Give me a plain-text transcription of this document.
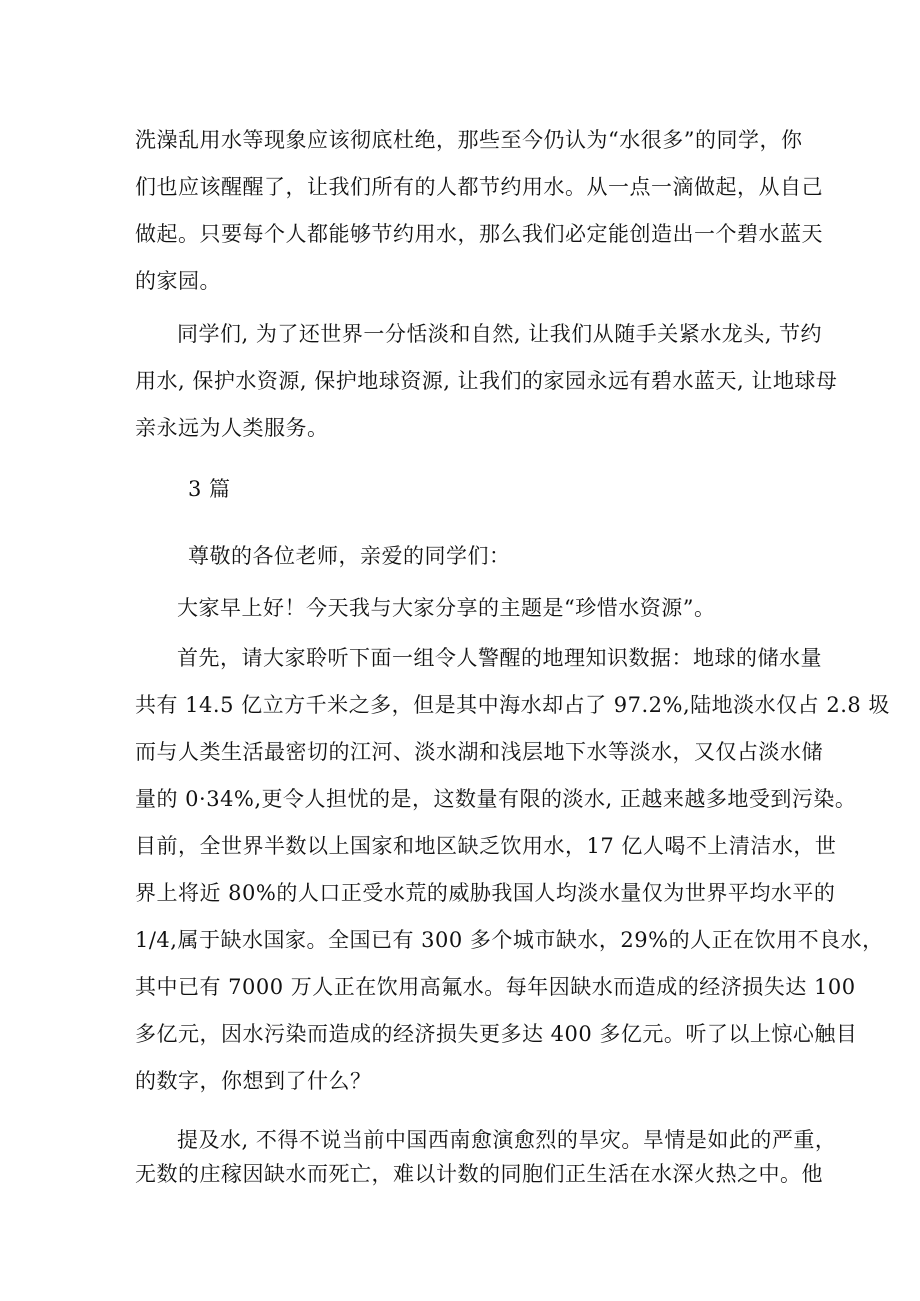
洗澡乱用水等现象应该彻底杜绝，那些至今仍认为“水很多”的同学，你

们也应该醒醒了，让我们所有的人都节约用水。从一点一滴做起，从自己

做起。只要每个人都能够节约用水，那么我们必定能创造出一个碧水蓝天

的家园。

同学们, 为了还世界一分恬淡和自然, 让我们从随手关紧水龙头, 节约

用水, 保护水资源, 保护地球资源, 让我们的家园永远有碧水蓝天, 让地球母

亲永远为人类服务。

3 篇

尊敬的各位老师，亲爱的同学们：

大家早上好！今天我与大家分享的主题是“珍惜水资源”。

首先，请大家聆听下面一组令人警醒的地理知识数据：地球的储水量

共有 14.5 亿立方千米之多，但是其中海水却占了 97.2%,陆地淡水仅占 2.8 圾

而与人类生活最密切的江河、淡水湖和浅层地下水等淡水，又仅占淡水储

量的 0·34%,更令人担忧的是，这数量有限的淡水, 正越来越多地受到污染。

目前，全世界半数以上国家和地区缺乏饮用水，17 亿人喝不上清洁水，世

界上将近 80%的人口正受水荒的威胁我国人均淡水量仅为世界平均水平的

1/4,属于缺水国家。全国已有 300 多个城市缺水，29%的人正在饮用不良水，

其中已有 7000 万人正在饮用高氟水。每年因缺水而造成的经济损失达 100

多亿元，因水污染而造成的经济损失更多达 400 多亿元。听了以上惊心触目

的数字，你想到了什么？

提及水, 不得不说当前中国西南愈演愈烈的旱灾。旱情是如此的严重，

无数的庄稼因缺水而死亡，难以计数的同胞们正生活在水深火热之中。他
